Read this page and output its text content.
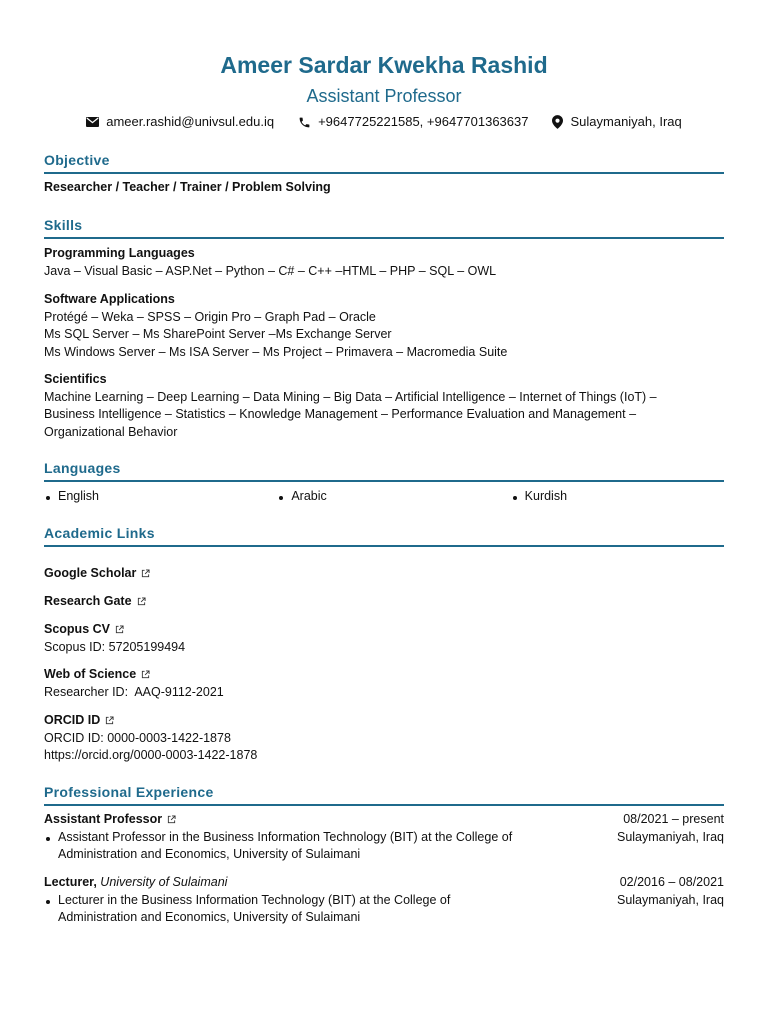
Ameer Sardar Kwekha Rashid
Assistant Professor
ameer.rashid@univsul.edu.iq	+9647725221585, +9647701363637	Sulaymaniyah, Iraq
Objective
Researcher / Teacher / Trainer / Problem Solving
Skills
Programming Languages
Java – Visual Basic – ASP.Net – Python – C# – C++ –HTML – PHP – SQL – OWL
Software Applications
Protégé – Weka – SPSS – Origin Pro – Graph Pad – Oracle
Ms SQL Server – Ms SharePoint Server –Ms Exchange Server
Ms Windows Server – Ms ISA Server – Ms Project – Primavera – Macromedia Suite
Scientifics
Machine Learning – Deep Learning – Data Mining – Big Data – Artificial Intelligence – Internet of Things (IoT) –
Business Intelligence – Statistics – Knowledge Management – Performance Evaluation and Management –
Organizational Behavior
Languages
English	Arabic	Kurdish
Academic Links
Google Scholar
Research Gate
Scopus CV
Scopus ID: 57205199494
Web of Science
Researcher ID:  AAQ-9112-2021
ORCID ID
ORCID ID: 0000-0003-1422-1878
https://orcid.org/0000-0003-1422-1878
Professional Experience
Assistant Professor	08/2021 – present
Assistant Professor in the Business Information Technology (BIT) at the College of
Administration and Economics, University of Sulaimani
Sulaymaniyah, Iraq
Lecturer, University of Sulaimani	02/2016 – 08/2021
Lecturer in the Business Information Technology (BIT) at the College of
Administration and Economics, University of Sulaimani
Sulaymaniyah, Iraq
